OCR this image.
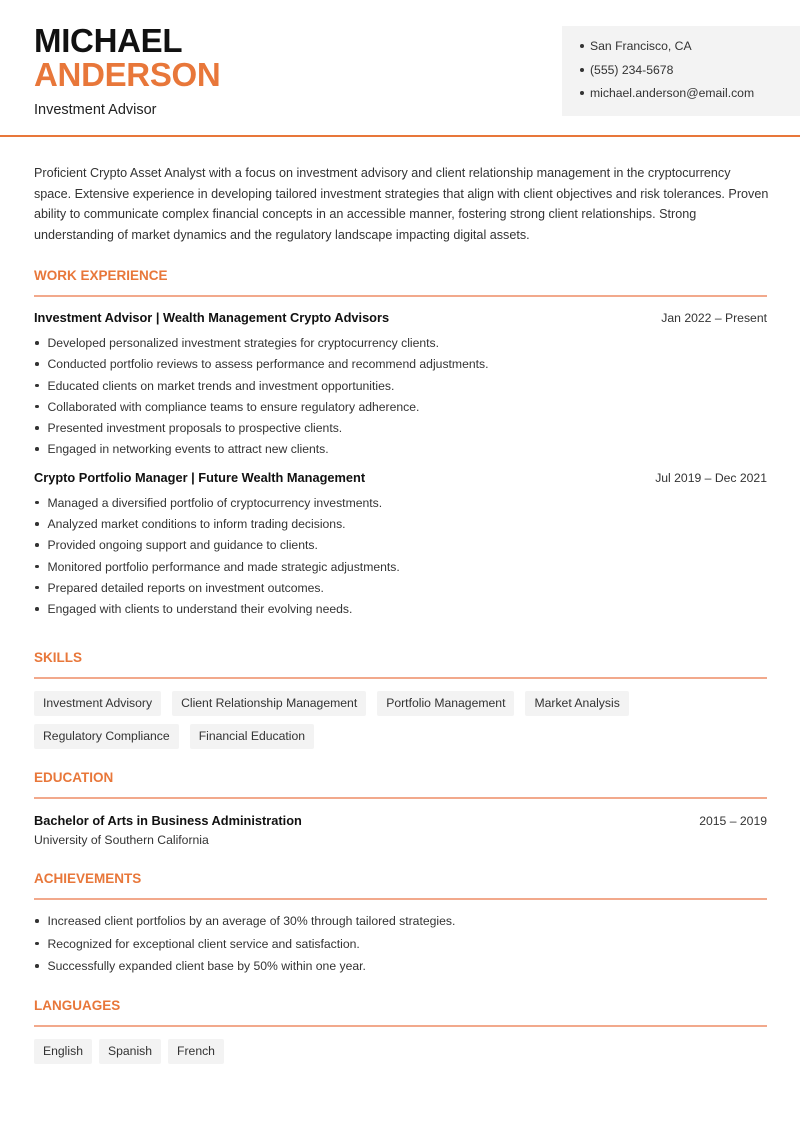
MICHAEL
ANDERSON
Investment Advisor
San Francisco, CA
(555) 234-5678
michael.anderson@email.com

Proficient Crypto Asset Analyst with a focus on investment advisory and client relationship management in the cryptocurrency space. Extensive experience in developing tailored investment strategies that align with client objectives and risk tolerances. Proven ability to communicate complex financial concepts in an accessible manner, fostering strong client relationships. Strong understanding of market dynamics and the regulatory landscape impacting digital assets.

WORK EXPERIENCE
Investment Advisor | Wealth Management Crypto Advisors	Jan 2022 – Present
Developed personalized investment strategies for cryptocurrency clients.
Conducted portfolio reviews to assess performance and recommend adjustments.
Educated clients on market trends and investment opportunities.
Collaborated with compliance teams to ensure regulatory adherence.
Presented investment proposals to prospective clients.
Engaged in networking events to attract new clients.
Crypto Portfolio Manager | Future Wealth Management	Jul 2019 – Dec 2021
Managed a diversified portfolio of cryptocurrency investments.
Analyzed market conditions to inform trading decisions.
Provided ongoing support and guidance to clients.
Monitored portfolio performance and made strategic adjustments.
Prepared detailed reports on investment outcomes.
Engaged with clients to understand their evolving needs.
SKILLS
Investment Advisory	Client Relationship Management	Portfolio Management	Market Analysis
Regulatory Compliance	Financial Education
EDUCATION
Bachelor of Arts in Business Administration	2015 – 2019
University of Southern California
ACHIEVEMENTS
Increased client portfolios by an average of 30% through tailored strategies.
Recognized for exceptional client service and satisfaction.
Successfully expanded client base by 50% within one year.
LANGUAGES
English	Spanish	French
